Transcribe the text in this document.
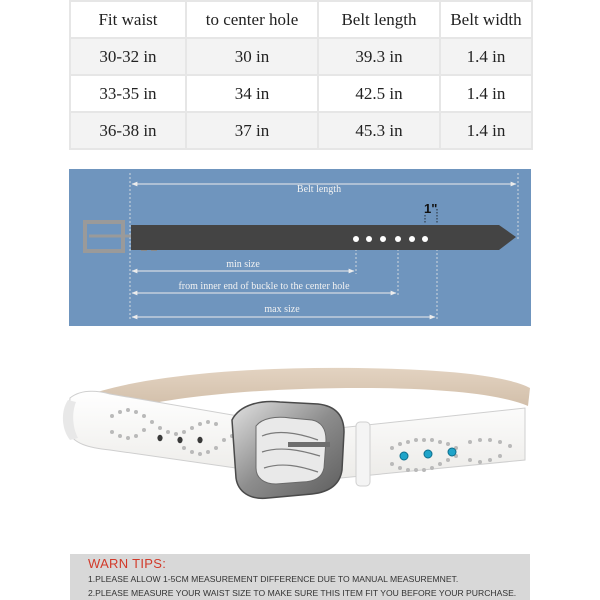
Fit waist	to center hole	Belt length	Belt width
30-32 in	30 in	39.3 in	1.4 in
33-35 in	34 in	42.5 in	1.4 in
36-38 in	37 in	45.3 in	1.4 in
Belt length
1"
min size
from inner end of buckle to the center hole
max size
WARN TIPS:
1.PLEASE ALLOW 1-5CM MEASUREMENT DIFFERENCE DUE TO MANUAL MEASUREMNET.
2.PLEASE MEASURE YOUR WAIST SIZE TO MAKE SURE THIS ITEM FIT YOU BEFORE YOUR PURCHASE.
